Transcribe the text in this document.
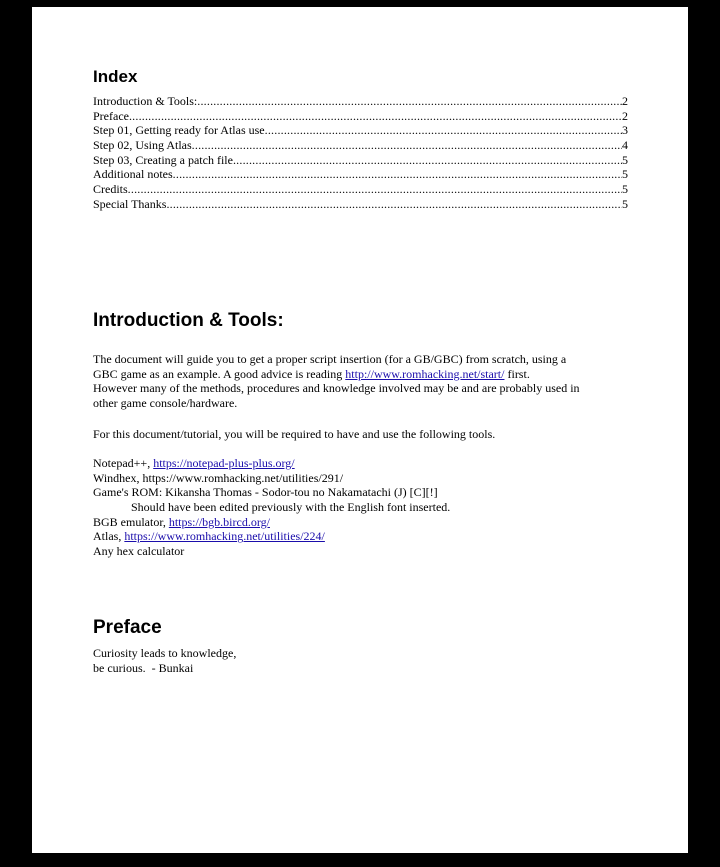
Index
Introduction & Tools: .....	2
Preface .....	2
Step 01, Getting ready for Atlas use .....	3
Step 02, Using Atlas .....	4
Step 03, Creating a patch file .....	5
Additional notes .....	5
Credits .....	5
Special Thanks .....	5
Introduction & Tools:

The document will guide you to get a proper script insertion (for a GB/GBC) from scratch, using a

GBC game as an example. A good advice is reading http://www.romhacking.net/start/ first.

However many of the methods, procedures and knowledge involved may be and are probably used in

other game console/hardware.

For this document/tutorial, you will be required to have and use the following tools.

Notepad++, https://notepad-plus-plus.org/

Windhex, https://www.romhacking.net/utilities/291/

Game's ROM: Kikansha Thomas - Sodor-tou no Nakamatachi (J) [C][!]

Should have been edited previously with the English font inserted.

BGB emulator, https://bgb.bircd.org/

Atlas, https://www.romhacking.net/utilities/224/

Any hex calculator

Preface

Curiosity leads to knowledge,

be curious.  - Bunkai
